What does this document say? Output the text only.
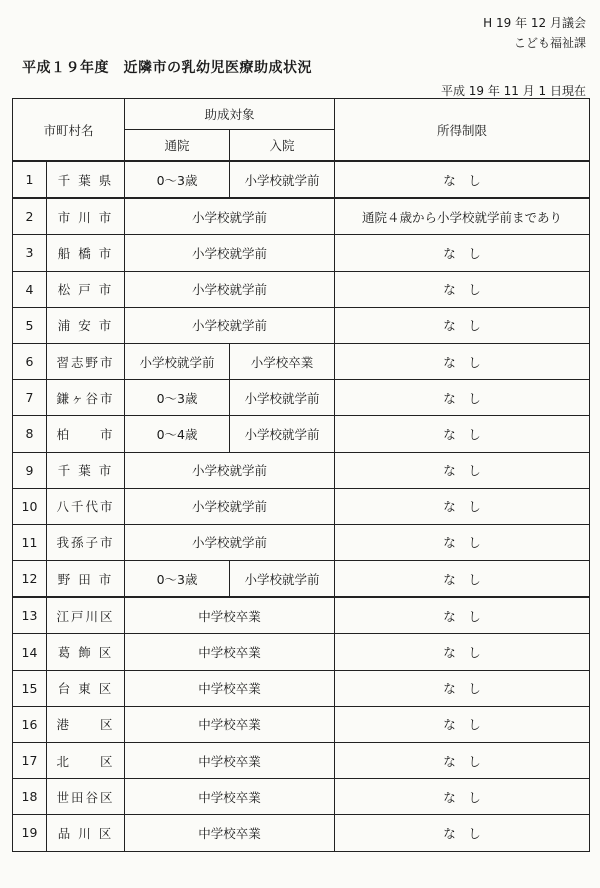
H 19 年 12 月議会
こども福祉課
平成１９年度　近隣市の乳幼児医療助成状況
平成 19 年 11 月 1 日現在
市町村名		助成対象		所得制限
		通院	入院	
1	千 葉 県	0～3歳	小学校就学前	な　し
2	市 川 市	小学校就学前		通院４歳から小学校就学前まであり
3	船 橋 市	小学校就学前		な　し
4	松 戸 市	小学校就学前		な　し
5	浦 安 市	小学校就学前		な　し
6	習志野市	小学校就学前	小学校卒業	な　し
7	鎌ヶ谷市	0～3歳	小学校就学前	な　し
8	柏　　市	0～4歳	小学校就学前	な　し
9	千 葉 市	小学校就学前		な　し
10	八千代市	小学校就学前		な　し
11	我孫子市	小学校就学前		な　し
12	野 田 市	0～3歳	小学校就学前	な　し
13	江戸川区	中学校卒業		な　し
14	葛 飾 区	中学校卒業		な　し
15	台 東 区	中学校卒業		な　し
16	港　　区	中学校卒業		な　し
17	北　　区	中学校卒業		な　し
18	世田谷区	中学校卒業		な　し
19	品 川 区	中学校卒業		な　し
